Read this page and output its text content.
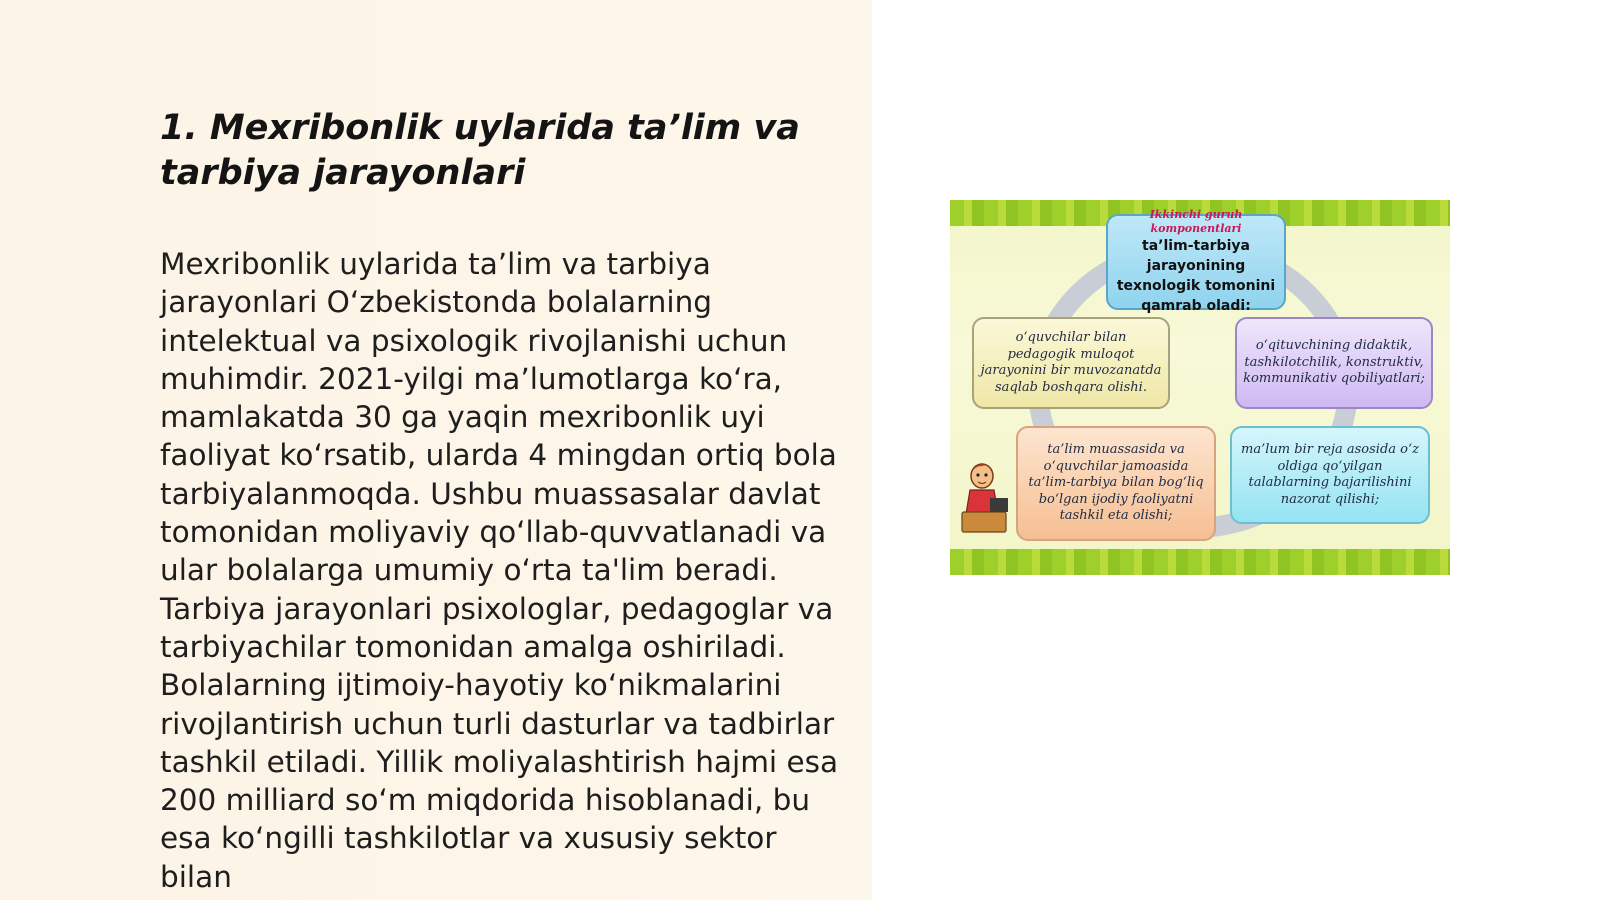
1. Mexribonlik uylarida ta’lim va tarbiya jarayonlari

Mexribonlik uylarida ta’lim va tarbiya jarayonlari O‘zbekistonda bolalarning intelektual va psixologik rivojlanishi uchun muhimdir. 2021-yilgi ma’lumotlarga ko‘ra, mamlakatda 30 ga yaqin mexribonlik uyi faoliyat ko‘rsatib, ularda 4 mingdan ortiq bola tarbiyalanmoqda. Ushbu muassasalar davlat tomonidan moliyaviy qo‘llab-quvvatlanadi va ular bolalarga umumiy o‘rta ta'lim beradi. Tarbiya jarayonlari psixologlar, pedagoglar va tarbiyachilar tomonidan amalga oshiriladi. Bolalarning ijtimoiy-hayotiy ko‘nikmalarini rivojlantirish uchun turli dasturlar va tadbirlar tashkil etiladi. Yillik moliyalashtirish hajmi esa 200 milliard so‘m miqdorida hisoblanadi, bu esa ko‘ngilli tashkilotlar va xususiy sektor bilan

Ikkinchi guruh komponentlari
ta’lim-tarbiya jarayonining texnologik tomonini qamrab oladi:
o‘quvchilar bilan pedagogik muloqot jarayonini bir muvozanatda saqlab boshqara olishi.
o‘qituvchining didaktik, tashkilotchilik, konstruktiv, kommunikativ qobiliyatlari;
ta’lim muassasida va o‘quvchilar jamoasida ta’lim-tarbiya bilan bog‘liq bo‘lgan ijodiy faoliyatni tashkil eta olishi;
ma’lum bir reja asosida o‘z oldiga qo‘yilgan talablarning bajarilishini nazorat qilishi;
